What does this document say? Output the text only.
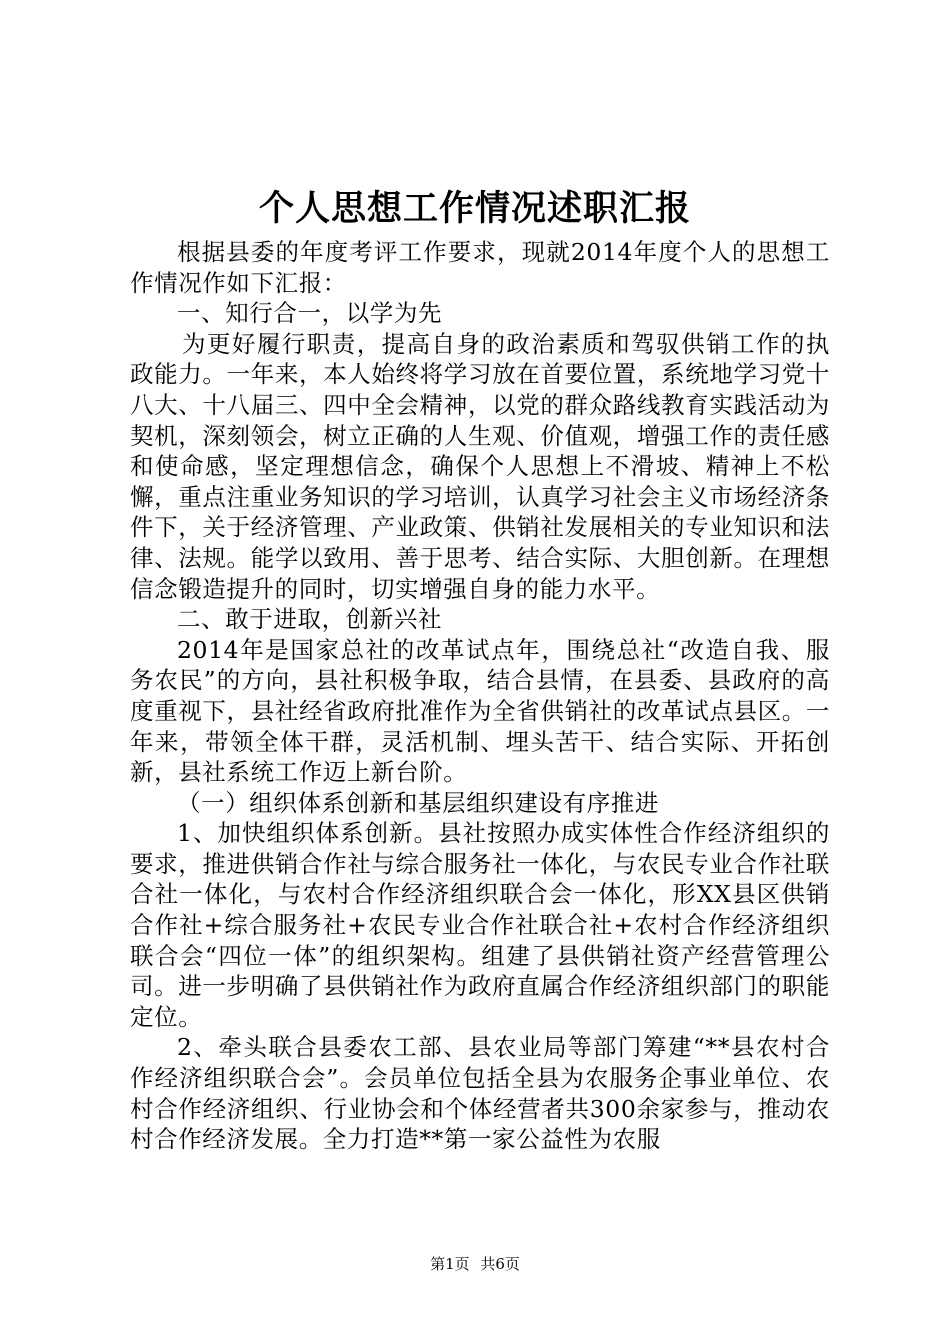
个人思想工作情况述职汇报

根据县委的年度考评工作要求，现就2014年度个人的思想工作情况作如下汇报：

一、知行合一，以学为先

为更好履行职责，提高自身的政治素质和驾驭供销工作的执政能力。一年来，本人始终将学习放在首要位置，系统地学习党十八大、十八届三、四中全会精神，以党的群众路线教育实践活动为契机，深刻领会，树立正确的人生观、价值观，增强工作的责任感和使命感，坚定理想信念，确保个人思想上不滑坡、精神上不松懈，重点注重业务知识的学习培训，认真学习社会主义市场经济条件下，关于经济管理、产业政策、供销社发展相关的专业知识和法律、法规。能学以致用、善于思考、结合实际、大胆创新。在理想信念锻造提升的同时，切实增强自身的能力水平。

二、敢于进取，创新兴社

2014年是国家总社的改革试点年，围绕总社“改造自我、服务农民”的方向，县社积极争取，结合县情，在县委、县政府的高度重视下，县社经省政府批准作为全省供销社的改革试点县区。一年来，带领全体干群，灵活机制、埋头苦干、结合实际、开拓创新，县社系统工作迈上新台阶。

（一）组织体系创新和基层组织建设有序推进

1、加快组织体系创新。县社按照办成实体性合作经济组织的要求，推进供销合作社与综合服务社一体化，与农民专业合作社联合社一体化，与农村合作经济组织联合会一体化，形XX县区供销合作社+综合服务社+农民专业合作社联合社+农村合作经济组织联合会“四位一体”的组织架构。组建了县供销社资产经营管理公司。进一步明确了县供销社作为政府直属合作经济组织部门的职能定位。

2、牵头联合县委农工部、县农业局等部门筹建“**县农村合作经济组织联合会”。会员单位包括全县为农服务企事业单位、农村合作经济组织、行业协会和个体经营者共300余家参与，推动农村合作经济发展。全力打造**第一家公益性为农服

第1页 共6页
